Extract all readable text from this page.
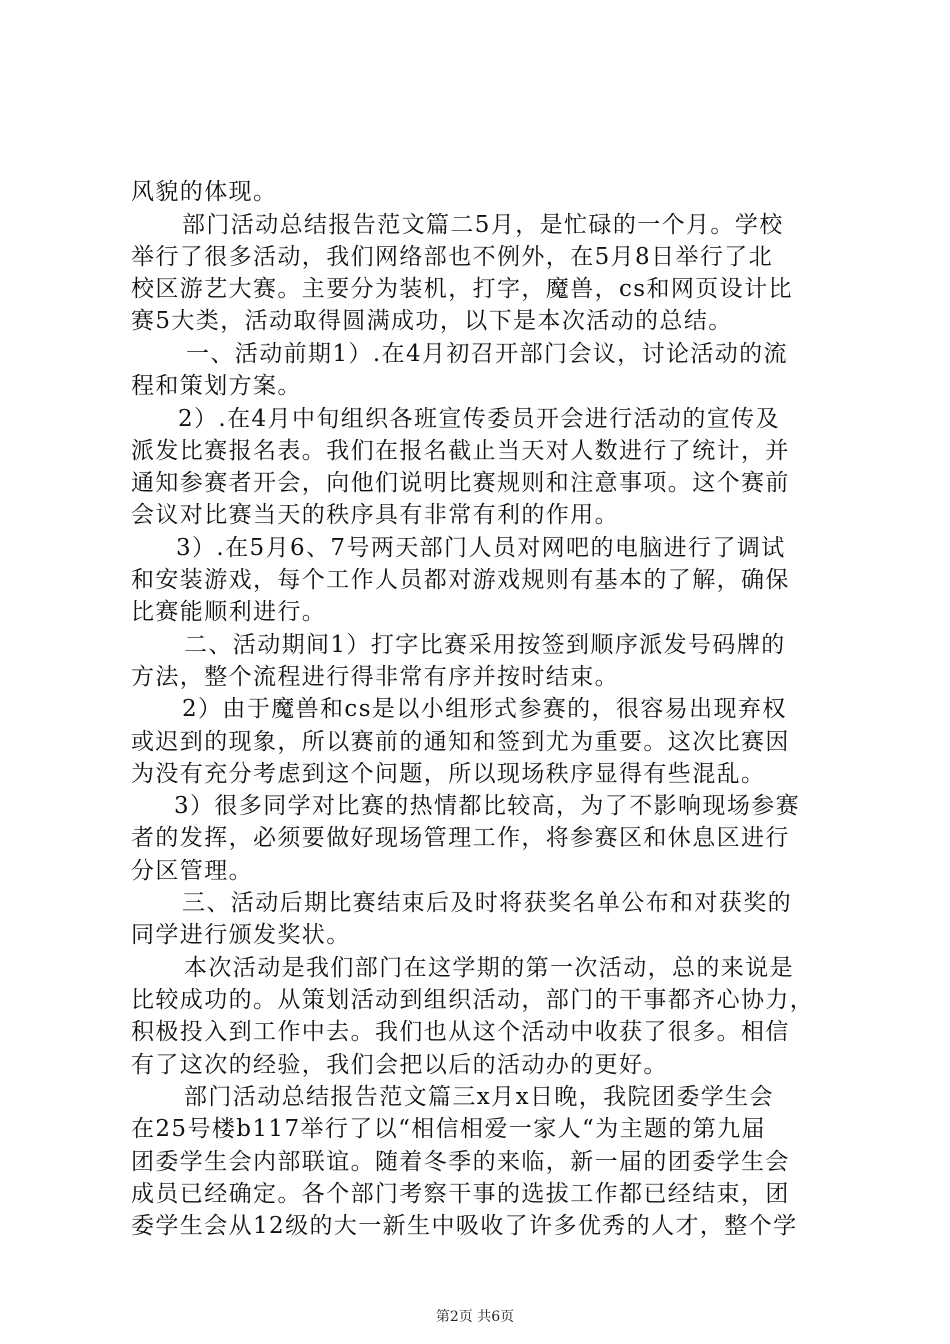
风貌的体现。
部门活动总结报告范文篇二5月，是忙碌的一个月。学校
举行了很多活动，我们网络部也不例外，在5月8日举行了北
校区游艺大赛。主要分为装机，打字，魔兽，cs和网页设计比
赛5大类，活动取得圆满成功，以下是本次活动的总结。
一、活动前期1）.在4月初召开部门会议，讨论活动的流
程和策划方案。
2）.在4月中旬组织各班宣传委员开会进行活动的宣传及
派发比赛报名表。我们在报名截止当天对人数进行了统计，并
通知参赛者开会，向他们说明比赛规则和注意事项。这个赛前
会议对比赛当天的秩序具有非常有利的作用。
3）.在5月6、7号两天部门人员对网吧的电脑进行了调试
和安装游戏，每个工作人员都对游戏规则有基本的了解，确保
比赛能顺利进行。
二、活动期间1）打字比赛采用按签到顺序派发号码牌的
方法，整个流程进行得非常有序并按时结束。
2）由于魔兽和cs是以小组形式参赛的，很容易出现弃权
或迟到的现象，所以赛前的通知和签到尤为重要。这次比赛因
为没有充分考虑到这个问题，所以现场秩序显得有些混乱。
3）很多同学对比赛的热情都比较高，为了不影响现场参赛
者的发挥，必须要做好现场管理工作，将参赛区和休息区进行
分区管理。
三、活动后期比赛结束后及时将获奖名单公布和对获奖的
同学进行颁发奖状。
本次活动是我们部门在这学期的第一次活动，总的来说是
比较成功的。从策划活动到组织活动，部门的干事都齐心协力，
积极投入到工作中去。我们也从这个活动中收获了很多。相信
有了这次的经验，我们会把以后的活动办的更好。
部门活动总结报告范文篇三x月x日晚，我院团委学生会
在25号楼b117举行了以“相信相爱一家人“为主题的第九届
团委学生会内部联谊。随着冬季的来临，新一届的团委学生会
成员已经确定。各个部门考察干事的选拔工作都已经结束，团
委学生会从12级的大一新生中吸收了许多优秀的人才，整个学
第2页 共6页
